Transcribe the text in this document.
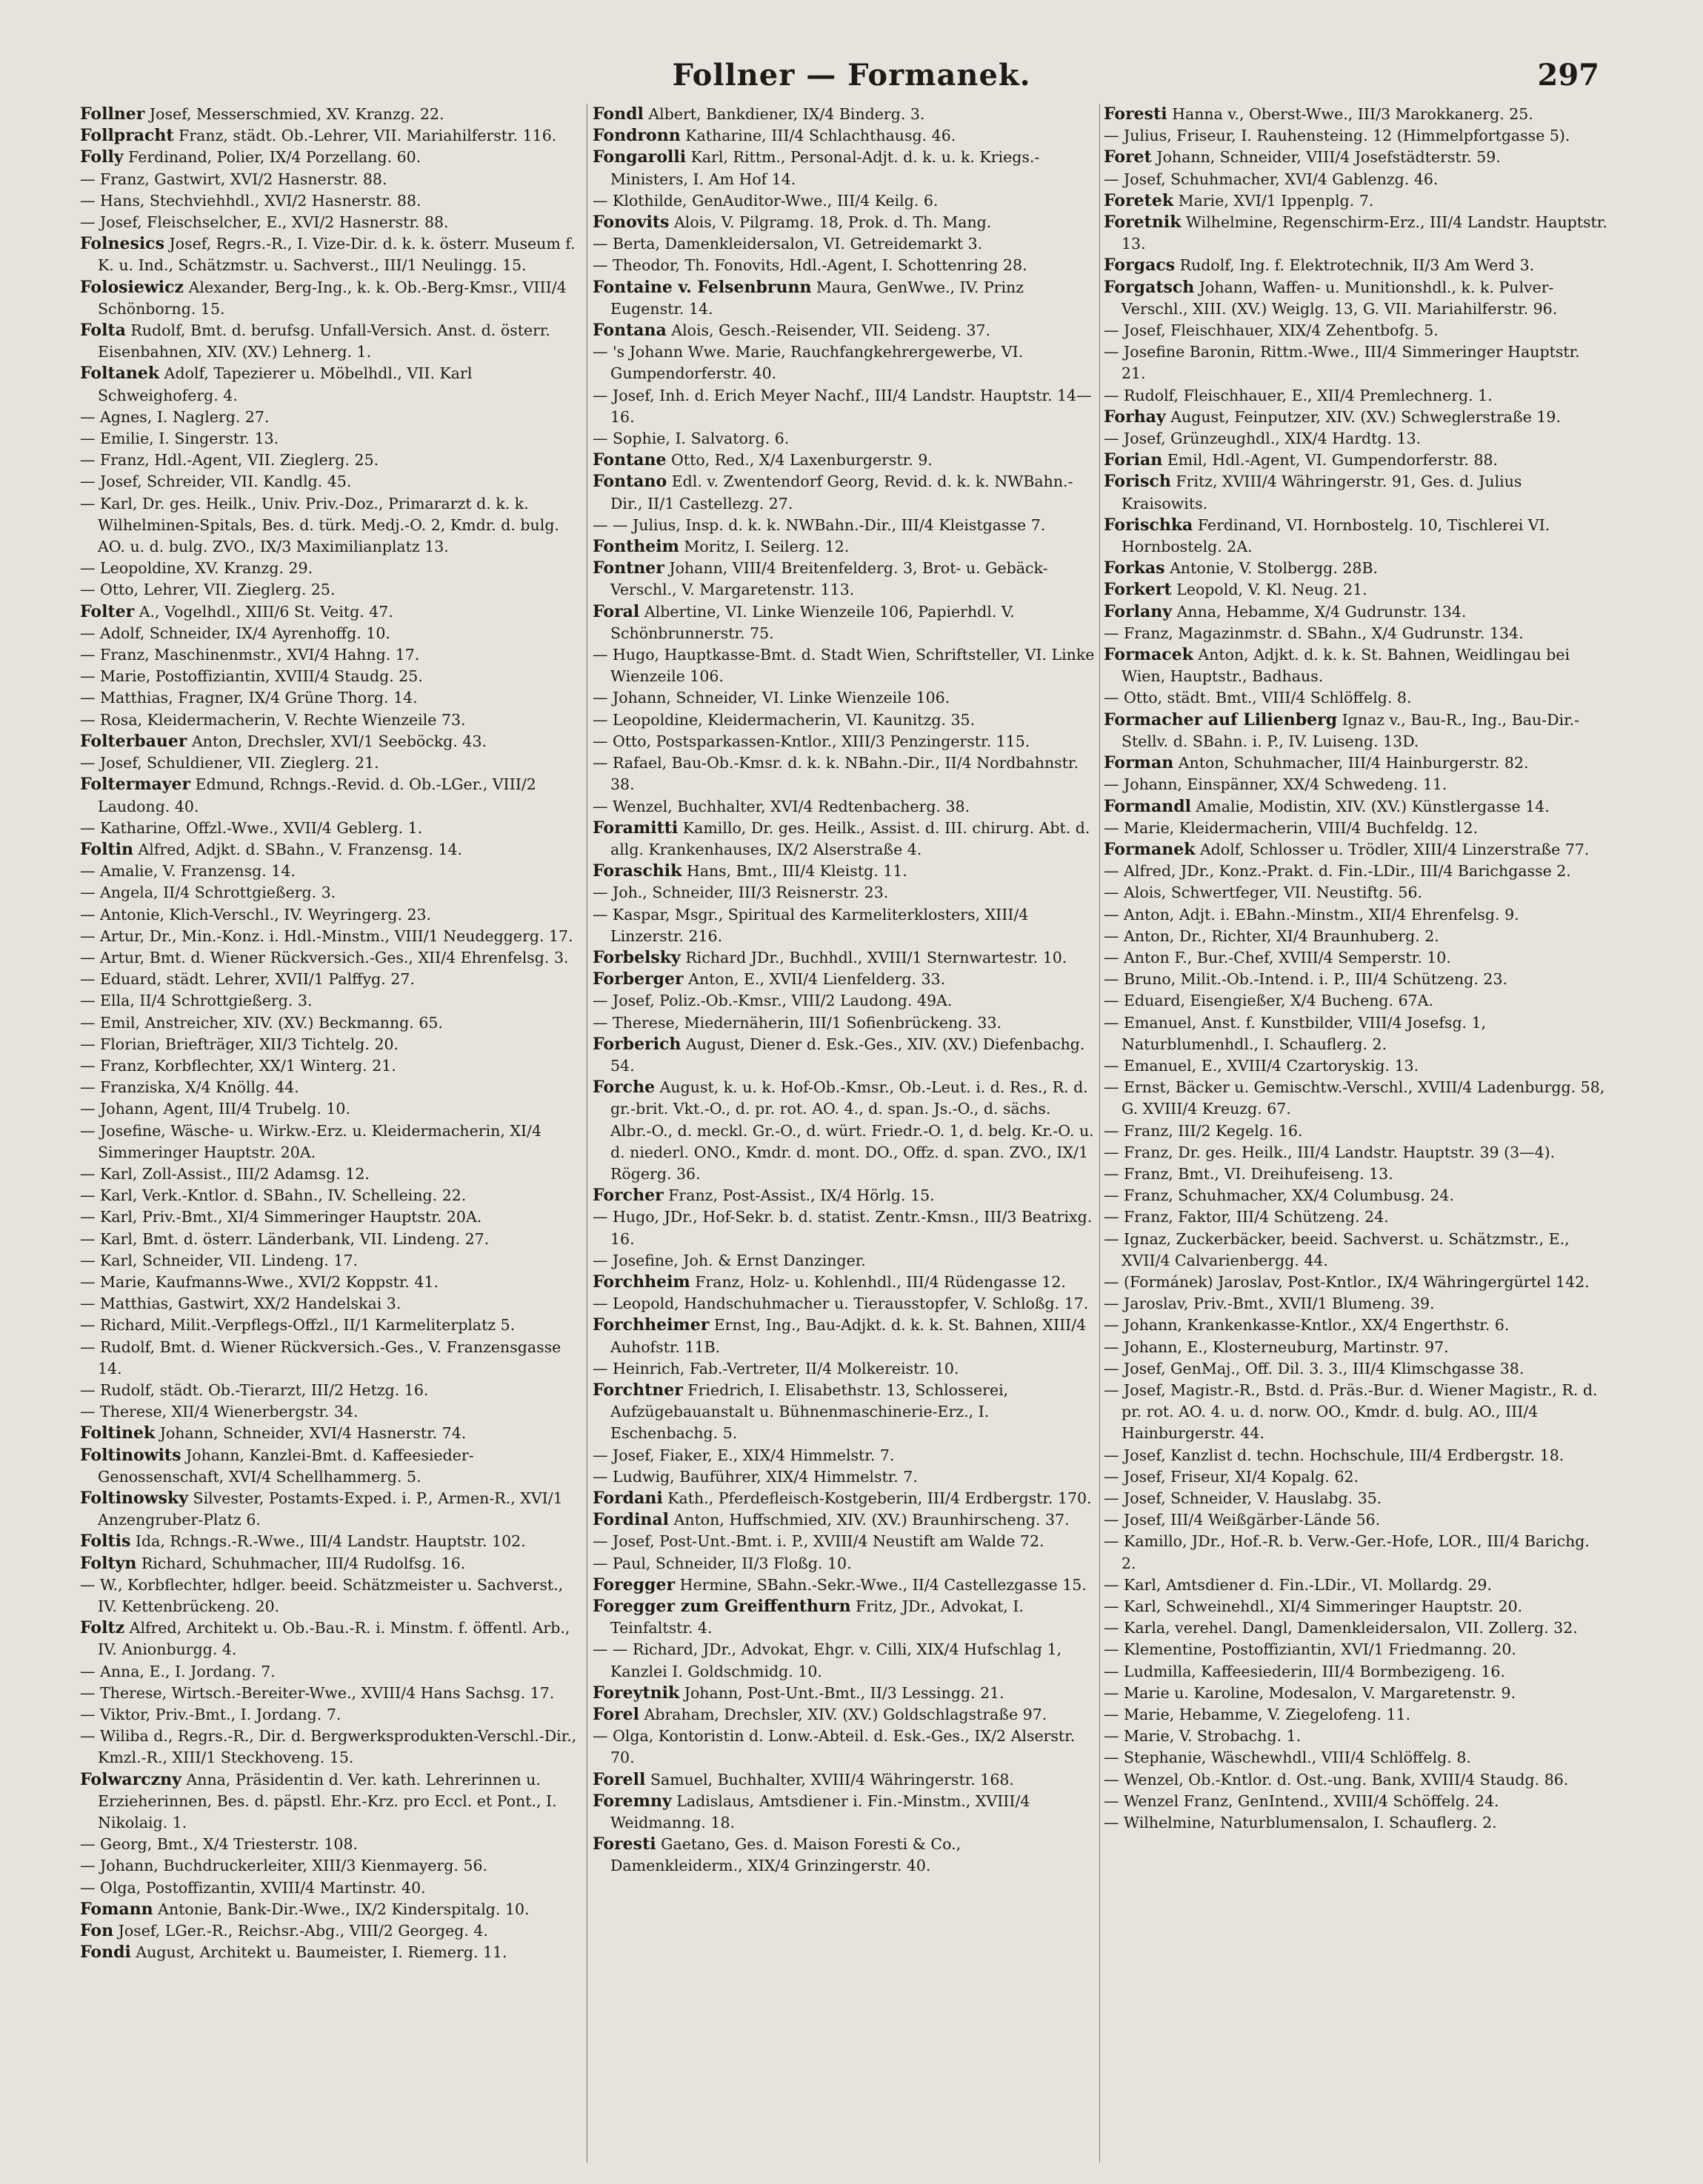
Follner — Formanek.	297
Follner Josef, Messerschmied, XV. Kranzg. 22.
Follpracht Franz, städt. Ob.-Lehrer, VII. Mariahilferstr. 116.
Folly Ferdinand, Polier, IX/4 Porzellang. 60.
— Franz, Gastwirt, XVI/2 Hasnerstr. 88.
— Hans, Stechviehhdl., XVI/2 Hasnerstr. 88.
— Josef, Fleischselcher, E., XVI/2 Hasnerstr. 88.
Folnesics Josef, Regrs.-R., I. Vize-Dir. d. k. k. österr. Museum f. K. u. Ind., Schätzmstr. u. Sachverst., III/1 Neulingg. 15.
Folosiewicz Alexander, Berg-Ing., k. k. Ob.-Berg-Kmsr., VIII/4 Schönborng. 15.
Folta Rudolf, Bmt. d. berufsg. Unfall-Versich. Anst. d. österr. Eisenbahnen, XIV. (XV.) Lehnerg. 1.
Foltanek Adolf, Tapezierer u. Möbelhdl., VII. Karl Schweighoferg. 4.
— Agnes, I. Naglerg. 27.
— Emilie, I. Singerstr. 13.
— Franz, Hdl.-Agent, VII. Zieglerg. 25.
— Josef, Schreider, VII. Kandlg. 45.
— Karl, Dr. ges. Heilk., Univ. Priv.-Doz., Primararzt d. k. k. Wilhelminen-Spitals, Bes. d. türk. Medj.-O. 2, Kmdr. d. bulg. AO. u. d. bulg. ZVO., IX/3 Maximilianplatz 13.
— Leopoldine, XV. Kranzg. 29.
— Otto, Lehrer, VII. Zieglerg. 25.
Folter A., Vogelhdl., XIII/6 St. Veitg. 47.
— Adolf, Schneider, IX/4 Ayrenhoffg. 10.
— Franz, Maschinenmstr., XVI/4 Hahng. 17.
— Marie, Postoffiziantin, XVIII/4 Staudg. 25.
— Matthias, Fragner, IX/4 Grüne Thorg. 14.
— Rosa, Kleidermacherin, V. Rechte Wienzeile 73.
Folterbauer Anton, Drechsler, XVI/1 Seeböckg. 43.
— Josef, Schuldiener, VII. Zieglerg. 21.
Foltermayer Edmund, Rchngs.-Revid. d. Ob.-LGer., VIII/2 Laudong. 40.
— Katharine, Offzl.-Wwe., XVII/4 Geblerg. 1.
Foltin Alfred, Adjkt. d. SBahn., V. Franzensg. 14.
— Amalie, V. Franzensg. 14.
— Angela, II/4 Schrottgießerg. 3.
— Antonie, Klich-Verschl., IV. Weyringerg. 23.
— Artur, Dr., Min.-Konz. i. Hdl.-Minstm., VIII/1 Neudeggerg. 17.
— Artur, Bmt. d. Wiener Rückversich.-Ges., XII/4 Ehrenfelsg. 3.
— Eduard, städt. Lehrer, XVII/1 Palffyg. 27.
— Ella, II/4 Schrottgießerg. 3.
— Emil, Anstreicher, XIV. (XV.) Beckmanng. 65.
— Florian, Briefträger, XII/3 Tichtelg. 20.
— Franz, Korbflechter, XX/1 Winterg. 21.
— Franziska, X/4 Knöllg. 44.
— Johann, Agent, III/4 Trubelg. 10.
— Josefine, Wäsche- u. Wirkw.-Erz. u. Kleidermacherin, XI/4 Simmeringer Hauptstr. 20A.
— Karl, Zoll-Assist., III/2 Adamsg. 12.
— Karl, Verk.-Kntlor. d. SBahn., IV. Schelleing. 22.
— Karl, Priv.-Bmt., XI/4 Simmeringer Hauptstr. 20A.
— Karl, Bmt. d. österr. Länderbank, VII. Lindeng. 27.
— Karl, Schneider, VII. Lindeng. 17.
— Marie, Kaufmanns-Wwe., XVI/2 Koppstr. 41.
— Matthias, Gastwirt, XX/2 Handelskai 3.
— Richard, Milit.-Verpflegs-Offzl., II/1 Karmeliterplatz 5.
— Rudolf, Bmt. d. Wiener Rückversich.-Ges., V. Franzensgasse 14.
— Rudolf, städt. Ob.-Tierarzt, III/2 Hetzg. 16.
— Therese, XII/4 Wienerbergstr. 34.
Foltinek Johann, Schneider, XVI/4 Hasnerstr. 74.
Foltinowits Johann, Kanzlei-Bmt. d. Kaffeesieder-Genossenschaft, XVI/4 Schellhammerg. 5.
Foltinowsky Silvester, Postamts-Exped. i. P., Armen-R., XVI/1 Anzengruber-Platz 6.
Foltis Ida, Rchngs.-R.-Wwe., III/4 Landstr. Hauptstr. 102.
Foltyn Richard, Schuhmacher, III/4 Rudolfsg. 16.
— W., Korbflechter, hdlger. beeid. Schätzmeister u. Sachverst., IV. Kettenbrückeng. 20.
Foltz Alfred, Architekt u. Ob.-Bau.-R. i. Minstm. f. öffentl. Arb., IV. Anionburgg. 4.
— Anna, E., I. Jordang. 7.
— Therese, Wirtsch.-Bereiter-Wwe., XVIII/4 Hans Sachsg. 17.
— Viktor, Priv.-Bmt., I. Jordang. 7.
— Wiliba d., Regrs.-R., Dir. d. Bergwerksprodukten-Verschl.-Dir., Kmzl.-R., XIII/1 Steckhoveng. 15.
Folwarczny Anna, Präsidentin d. Ver. kath. Lehrerinnen u. Erzieherinnen, Bes. d. päpstl. Ehr.-Krz. pro Eccl. et Pont., I. Nikolaig. 1.
— Georg, Bmt., X/4 Triesterstr. 108.
— Johann, Buchdruckerleiter, XIII/3 Kienmayerg. 56.
— Olga, Postoffizantin, XVIII/4 Martinstr. 40.
Fomann Antonie, Bank-Dir.-Wwe., IX/2 Kinderspitalg. 10.
Fon Josef, LGer.-R., Reichsr.-Abg., VIII/2 Georgeg. 4.
Fondi August, Architekt u. Baumeister, I. Riemerg. 11.
Fondl Albert, Bankdiener, IX/4 Binderg. 3.
Fondronn Katharine, III/4 Schlachthausg. 46.
Fongarolli Karl, Rittm., Personal-Adjt. d. k. u. k. Kriegs.-Ministers, I. Am Hof 14.
— Klothilde, GenAuditor-Wwe., III/4 Keilg. 6.
Fonovits Alois, V. Pilgramg. 18, Prok. d. Th. Mang.
— Berta, Damenkleidersalon, VI. Getreidemarkt 3.
— Theodor, Th. Fonovits, Hdl.-Agent, I. Schottenring 28.
Fontaine v. Felsenbrunn Maura, GenWwe., IV. Prinz Eugenstr. 14.
Fontana Alois, Gesch.-Reisender, VII. Seideng. 37.
— 's Johann Wwe. Marie, Rauchfangkehrergewerbe, VI. Gumpendorferstr. 40.
— Josef, Inh. d. Erich Meyer Nachf., III/4 Landstr. Hauptstr. 14—16.
— Sophie, I. Salvatorg. 6.
Fontane Otto, Red., X/4 Laxenburgerstr. 9.
Fontano Edl. v. Zwentendorf Georg, Revid. d. k. k. NWBahn.-Dir., II/1 Castellezg. 27.
— — Julius, Insp. d. k. k. NWBahn.-Dir., III/4 Kleistgasse 7.
Fontheim Moritz, I. Seilerg. 12.
Fontner Johann, VIII/4 Breitenfelderg. 3, Brot- u. Gebäck-Verschl., V. Margaretenstr. 113.
Foral Albertine, VI. Linke Wienzeile 106, Papierhdl. V. Schönbrunnerstr. 75.
— Hugo, Hauptkasse-Bmt. d. Stadt Wien, Schriftsteller, VI. Linke Wienzeile 106.
— Johann, Schneider, VI. Linke Wienzeile 106.
— Leopoldine, Kleidermacherin, VI. Kaunitzg. 35.
— Otto, Postsparkassen-Kntlor., XIII/3 Penzingerstr. 115.
— Rafael, Bau-Ob.-Kmsr. d. k. k. NBahn.-Dir., II/4 Nordbahnstr. 38.
— Wenzel, Buchhalter, XVI/4 Redtenbacherg. 38.
Foramitti Kamillo, Dr. ges. Heilk., Assist. d. III. chirurg. Abt. d. allg. Krankenhauses, IX/2 Alserstraße 4.
Foraschik Hans, Bmt., III/4 Kleistg. 11.
— Joh., Schneider, III/3 Reisnerstr. 23.
— Kaspar, Msgr., Spiritual des Karmeliterklosters, XIII/4 Linzerstr. 216.
Forbelsky Richard JDr., Buchhdl., XVIII/1 Sternwartestr. 10.
Forberger Anton, E., XVII/4 Lienfelderg. 33.
— Josef, Poliz.-Ob.-Kmsr., VIII/2 Laudong. 49A.
— Therese, Miedernäherin, III/1 Sofienbrückeng. 33.
Forberich August, Diener d. Esk.-Ges., XIV. (XV.) Diefenbachg. 54.
Forche August, k. u. k. Hof-Ob.-Kmsr., Ob.-Leut. i. d. Res., R. d. gr.-brit. Vkt.-O., d. pr. rot. AO. 4., d. span. Js.-O., d. sächs. Albr.-O., d. meckl. Gr.-O., d. würt. Friedr.-O. 1, d. belg. Kr.-O. u. d. niederl. ONO., Kmdr. d. mont. DO., Offz. d. span. ZVO., IX/1 Rögerg. 36.
Forcher Franz, Post-Assist., IX/4 Hörlg. 15.
— Hugo, JDr., Hof-Sekr. b. d. statist. Zentr.-Kmsn., III/3 Beatrixg. 16.
— Josefine, Joh. & Ernst Danzinger.
Forchheim Franz, Holz- u. Kohlenhdl., III/4 Rüdengasse 12.
— Leopold, Handschuhmacher u. Tierausstopfer, V. Schloßg. 17.
Forchheimer Ernst, Ing., Bau-Adjkt. d. k. k. St. Bahnen, XIII/4 Auhofstr. 11B.
— Heinrich, Fab.-Vertreter, II/4 Molkereistr. 10.
Forchtner Friedrich, I. Elisabethstr. 13, Schlosserei, Aufzügebauanstalt u. Bühnenmaschinerie-Erz., I. Eschenbachg. 5.
— Josef, Fiaker, E., XIX/4 Himmelstr. 7.
— Ludwig, Bauführer, XIX/4 Himmelstr. 7.
Fordani Kath., Pferdefleisch-Kostgeberin, III/4 Erdbergstr. 170.
Fordinal Anton, Huffschmied, XIV. (XV.) Braunhirscheng. 37.
— Josef, Post-Unt.-Bmt. i. P., XVIII/4 Neustift am Walde 72.
— Paul, Schneider, II/3 Floßg. 10.
Foregger Hermine, SBahn.-Sekr.-Wwe., II/4 Castellezgasse 15.
Foregger zum Greiffenthurn Fritz, JDr., Advokat, I. Teinfaltstr. 4.
— — Richard, JDr., Advokat, Ehgr. v. Cilli, XIX/4 Hufschlag 1, Kanzlei I. Goldschmidg. 10.
Foreytnik Johann, Post-Unt.-Bmt., II/3 Lessingg. 21.
Forel Abraham, Drechsler, XIV. (XV.) Goldschlagstraße 97.
— Olga, Kontoristin d. Lonw.-Abteil. d. Esk.-Ges., IX/2 Alserstr. 70.
Forell Samuel, Buchhalter, XVIII/4 Währingerstr. 168.
Foremny Ladislaus, Amtsdiener i. Fin.-Minstm., XVIII/4 Weidmanng. 18.
Foresti Gaetano, Ges. d. Maison Foresti & Co., Damenkleiderm., XIX/4 Grinzingerstr. 40.
Foresti Hanna v., Oberst-Wwe., III/3 Marokkanerg. 25.
— Julius, Friseur, I. Rauhensteing. 12 (Himmelpfortgasse 5).
Foret Johann, Schneider, VIII/4 Josefstädterstr. 59.
— Josef, Schuhmacher, XVI/4 Gablenzg. 46.
Foretek Marie, XVI/1 Ippenplg. 7.
Foretnik Wilhelmine, Regenschirm-Erz., III/4 Landstr. Hauptstr. 13.
Forgacs Rudolf, Ing. f. Elektrotechnik, II/3 Am Werd 3.
Forgatsch Johann, Waffen- u. Munitionshdl., k. k. Pulver-Verschl., XIII. (XV.) Weiglg. 13, G. VII. Mariahilferstr. 96.
— Josef, Fleischhauer, XIX/4 Zehentbofg. 5.
— Josefine Baronin, Rittm.-Wwe., III/4 Simmeringer Hauptstr. 21.
— Rudolf, Fleischhauer, E., XII/4 Premlechnerg. 1.
Forhay August, Feinputzer, XIV. (XV.) Schweglerstraße 19.
— Josef, Grünzeughdl., XIX/4 Hardtg. 13.
Forian Emil, Hdl.-Agent, VI. Gumpendorferstr. 88.
Forisch Fritz, XVIII/4 Währingerstr. 91, Ges. d. Julius Kraisowits.
Forischka Ferdinand, VI. Hornbostelg. 10, Tischlerei VI. Hornbostelg. 2A.
Forkas Antonie, V. Stolbergg. 28B.
Forkert Leopold, V. Kl. Neug. 21.
Forlany Anna, Hebamme, X/4 Gudrunstr. 134.
— Franz, Magazinmstr. d. SBahn., X/4 Gudrunstr. 134.
Formacek Anton, Adjkt. d. k. k. St. Bahnen, Weidlingau bei Wien, Hauptstr., Badhaus.
— Otto, städt. Bmt., VIII/4 Schlöffelg. 8.
Formacher auf Lilienberg Ignaz v., Bau-R., Ing., Bau-Dir.-Stellv. d. SBahn. i. P., IV. Luiseng. 13D.
Forman Anton, Schuhmacher, III/4 Hainburgerstr. 82.
— Johann, Einspänner, XX/4 Schwedeng. 11.
Formandl Amalie, Modistin, XIV. (XV.) Künstlergasse 14.
— Marie, Kleidermacherin, VIII/4 Buchfeldg. 12.
Formanek Adolf, Schlosser u. Trödler, XIII/4 Linzerstraße 77.
— Alfred, JDr., Konz.-Prakt. d. Fin.-LDir., III/4 Barichgasse 2.
— Alois, Schwertfeger, VII. Neustiftg. 56.
— Anton, Adjt. i. EBahn.-Minstm., XII/4 Ehrenfelsg. 9.
— Anton, Dr., Richter, XI/4 Braunhuberg. 2.
— Anton F., Bur.-Chef, XVIII/4 Semperstr. 10.
— Bruno, Milit.-Ob.-Intend. i. P., III/4 Schützeng. 23.
— Eduard, Eisengießer, X/4 Bucheng. 67A.
— Emanuel, Anst. f. Kunstbilder, VIII/4 Josefsg. 1, Naturblumenhdl., I. Schauflerg. 2.
— Emanuel, E., XVIII/4 Czartoryskig. 13.
— Ernst, Bäcker u. Gemischtw.-Verschl., XVIII/4 Ladenburgg. 58, G. XVIII/4 Kreuzg. 67.
— Franz, III/2 Kegelg. 16.
— Franz, Dr. ges. Heilk., III/4 Landstr. Hauptstr. 39 (3—4).
— Franz, Bmt., VI. Dreihufeiseng. 13.
— Franz, Schuhmacher, XX/4 Columbusg. 24.
— Franz, Faktor, III/4 Schützeng. 24.
— Ignaz, Zuckerbäcker, beeid. Sachverst. u. Schätzmstr., E., XVII/4 Calvarienbergg. 44.
— (Formánek) Jaroslav, Post-Kntlor., IX/4 Währingergürtel 142.
— Jaroslav, Priv.-Bmt., XVII/1 Blumeng. 39.
— Johann, Krankenkasse-Kntlor., XX/4 Engerthstr. 6.
— Johann, E., Klosterneuburg, Martinstr. 97.
— Josef, GenMaj., Off. Dil. 3. 3., III/4 Klimschgasse 38.
— Josef, Magistr.-R., Bstd. d. Präs.-Bur. d. Wiener Magistr., R. d. pr. rot. AO. 4. u. d. norw. OO., Kmdr. d. bulg. AO., III/4 Hainburgerstr. 44.
— Josef, Kanzlist d. techn. Hochschule, III/4 Erdbergstr. 18.
— Josef, Friseur, XI/4 Kopalg. 62.
— Josef, Schneider, V. Hauslabg. 35.
— Josef, III/4 Weißgärber-Lände 56.
— Kamillo, JDr., Hof.-R. b. Verw.-Ger.-Hofe, LOR., III/4 Barichg. 2.
— Karl, Amtsdiener d. Fin.-LDir., VI. Mollardg. 29.
— Karl, Schweinehdl., XI/4 Simmeringer Hauptstr. 20.
— Karla, verehel. Dangl, Damenkleidersalon, VII. Zollerg. 32.
— Klementine, Postoffiziantin, XVI/1 Friedmanng. 20.
— Ludmilla, Kaffeesiederin, III/4 Bormbezigeng. 16.
— Marie u. Karoline, Modesalon, V. Margaretenstr. 9.
— Marie, Hebamme, V. Ziegelofeng. 11.
— Marie, V. Strobachg. 1.
— Stephanie, Wäschewhdl., VIII/4 Schlöffelg. 8.
— Wenzel, Ob.-Kntlor. d. Ost.-ung. Bank, XVIII/4 Staudg. 86.
— Wenzel Franz, GenIntend., XVIII/4 Schöffelg. 24.
— Wilhelmine, Naturblumensalon, I. Schauflerg. 2.
